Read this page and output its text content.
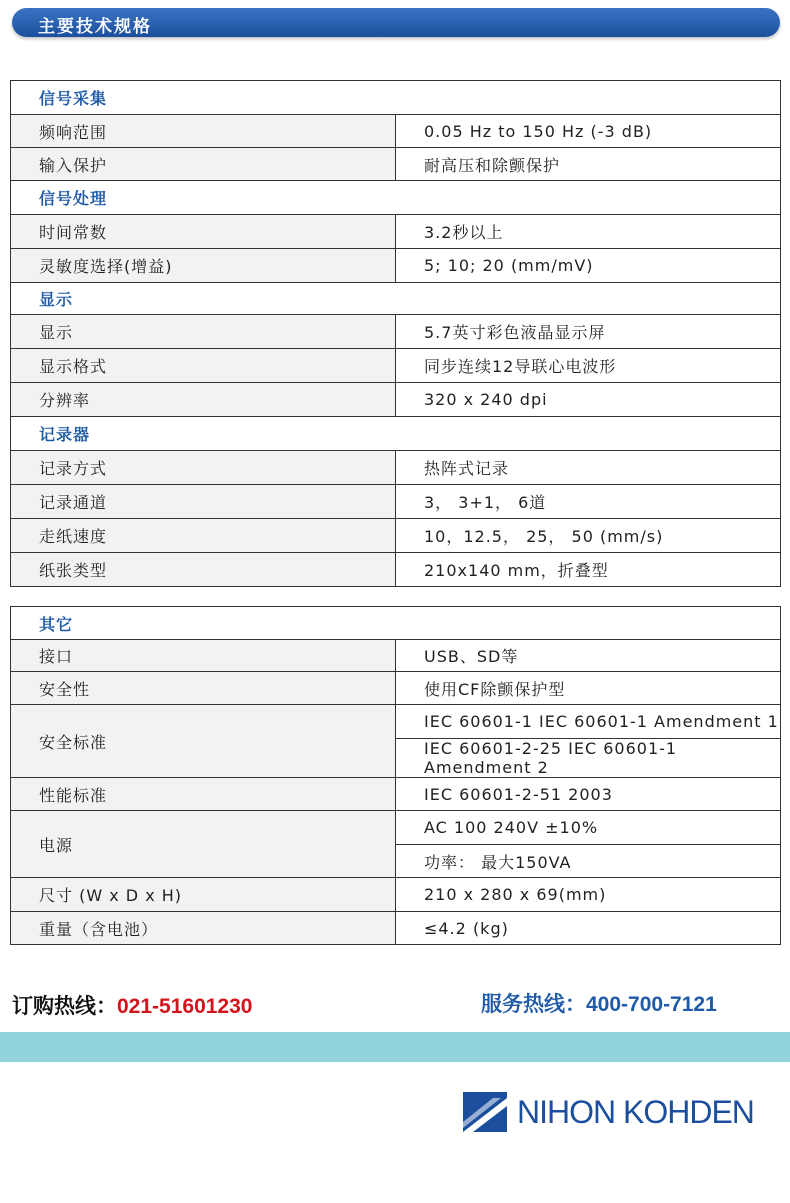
主要技术规格
信号采集	
频响范围	0.05 Hz to 150 Hz (-3 dB)
输入保护	耐高压和除颤保护
信号处理	
时间常数	3.2秒以上
灵敏度选择(增益)	5; 10; 20 (mm/mV)
显示	
显示	5.7英寸彩色液晶显示屏
显示格式	同步连续12导联心电波形
分辨率	320 x 240 dpi
记录器	
记录方式	热阵式记录
记录通道	3， 3+1， 6道
走纸速度	10，12.5， 25， 50 (mm/s)
纸张类型	210x140 mm，折叠型
其它	
接口	USB、SD等
安全性	使用CF除颤保护型
安全标准	IEC 60601-1 IEC 60601-1 Amendment 1
	IEC 60601-2-25 IEC 60601-1 Amendment 2
性能标准	IEC 60601-2-51 2003
电源	AC 100 240V ±10%
	功率： 最大150VA
尺寸 (W x D x H)	210 x 280 x 69(mm)
重量（含电池）	≤4.2 (kg)
订购热线：021-51601230	服务热线：400-700-7121
NIHON KOHDEN
